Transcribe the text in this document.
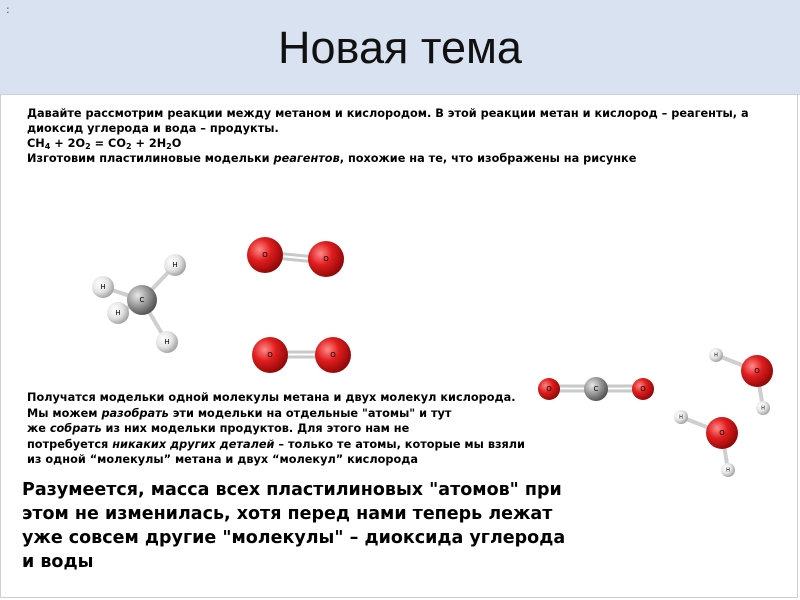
:
Новая тема

Давайте рассмотрим реакции между метаном и кислородом. В этой реакции метан и кислород – реагенты, а диоксид углерода и вода – продукты.

$CH_4 + 2O_2 = CO_2 + 2H_2O$

Изготовим пластилиновые модельки реагентов, похожие на те, что изображены на рисунке

H
H
C
H
H
O	O
O	O
O	C	O
H
H
O
H
H
O

Получатся модельки одной молекулы метана и двух молекул кислорода.

Мы можем разобрать эти модельки на отдельные "атомы" и тут

же собрать из них модельки продуктов. Для этого нам не

потребуется никаких других деталей – только те атомы, которые мы взяли

из одной “молекулы” метана и двух “молекул” кислорода

Разумеется, масса всех пластилиновых "атомов" при этом не изменилась, хотя перед нами теперь лежат уже совсем другие "молекулы" – диоксида углерода и воды
